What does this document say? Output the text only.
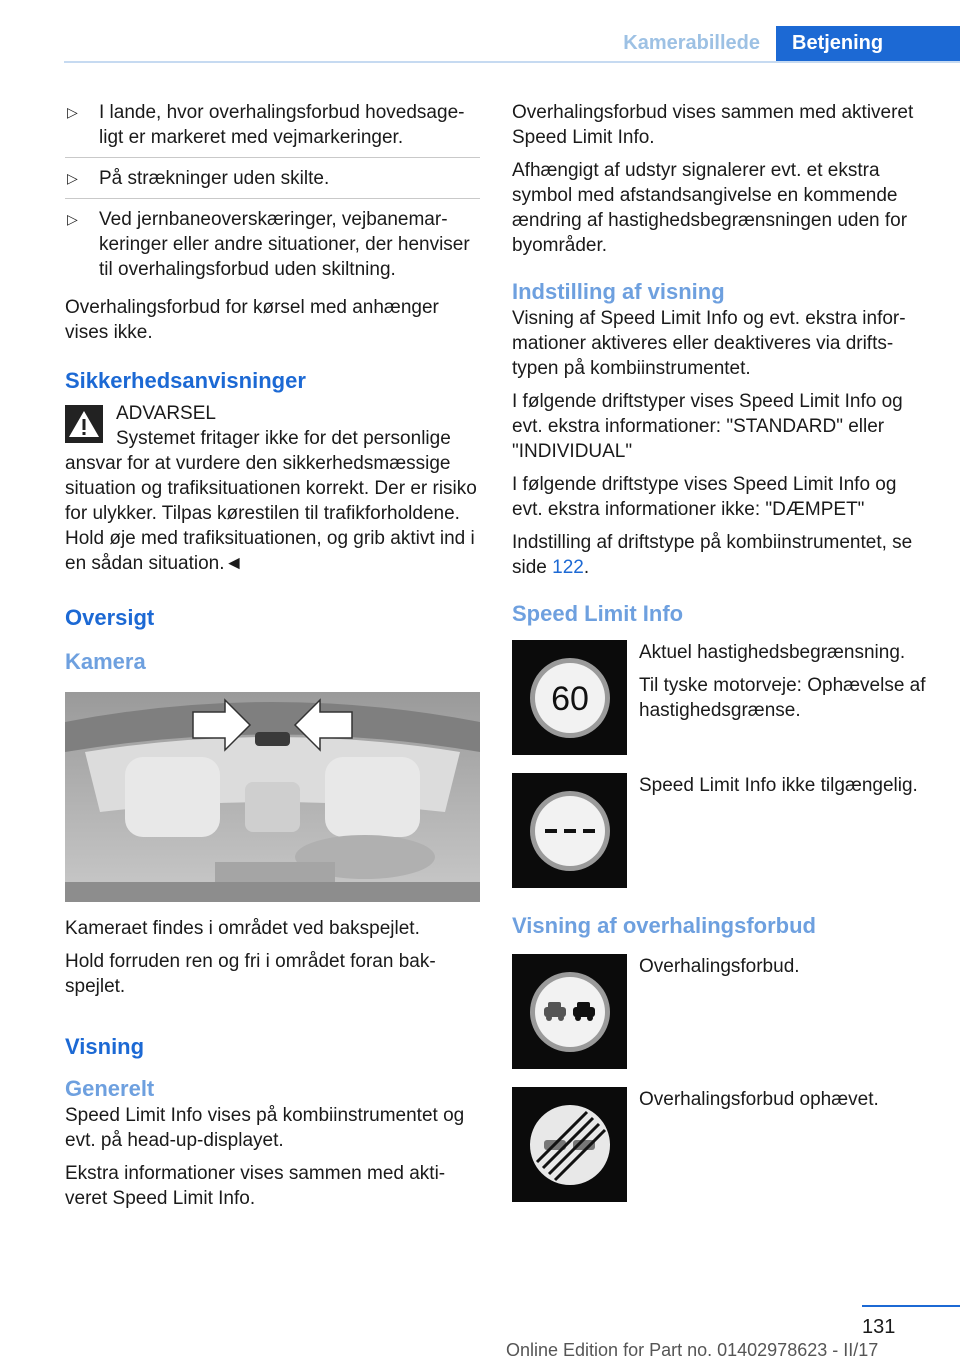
Kamerabillede	Betjening
▷ I lande, hvor overhalingsforbud hovedsageligt er markeret med vejmarkeringer.
▷ På strækninger uden skilte.
▷ Ved jernbaneoverskæringer, vejbanemarkeringer eller andre situationer, der henviser til overhalingsforbud uden skiltning.

Overhalingsforbud for kørsel med anhænger vises ikke.

Sikkerhedsanvisninger
ADVARSEL
Systemet fritager ikke for det personlige
ansvar for at vurdere den sikkerhedsmæssige situation og trafiksituationen korrekt. Der er risiko for ulykker. Tilpas kørestilen til trafikforholdene. Hold øje med trafiksituationen, og grib aktivt ind i en sådan situation.◄
Oversigt
Kamera

Kameraet findes i området ved bakspejlet.

Hold forruden ren og fri i området foran bakspejlet.

Visning
Generelt

Speed Limit Info vises på kombiinstrumentet og evt. på head-up-displayet.

Ekstra informationer vises sammen med aktiveret Speed Limit Info.

Overhalingsforbud vises sammen med aktiveret Speed Limit Info.

Afhængigt af udstyr signalerer evt. et ekstra symbol med afstandsangivelse en kommende ændring af hastighedsbegrænsningen uden for byområder.

Indstilling af visning

Visning af Speed Limit Info og evt. ekstra informationer aktiveres eller deaktiveres via driftstypen på kombiinstrumentet.

I følgende driftstyper vises Speed Limit Info og evt. ekstra informationer: "STANDARD" eller "INDIVIDUAL"

I følgende driftstype vises Speed Limit Info og evt. ekstra informationer ikke: "DÆMPET"

Indstilling af driftstype på kombiinstrumentet, se side 122.

Speed Limit Info
60

Aktuel hastighedsbegrænsning.

Til tyske motorveje: Ophævelse af hastighedsgrænse.

Speed Limit Info ikke tilgængelig.

Visning af overhalingsforbud

Overhalingsforbud.

Overhalingsforbud ophævet.

131
Online Edition for Part no. 01402978623 - II/17
